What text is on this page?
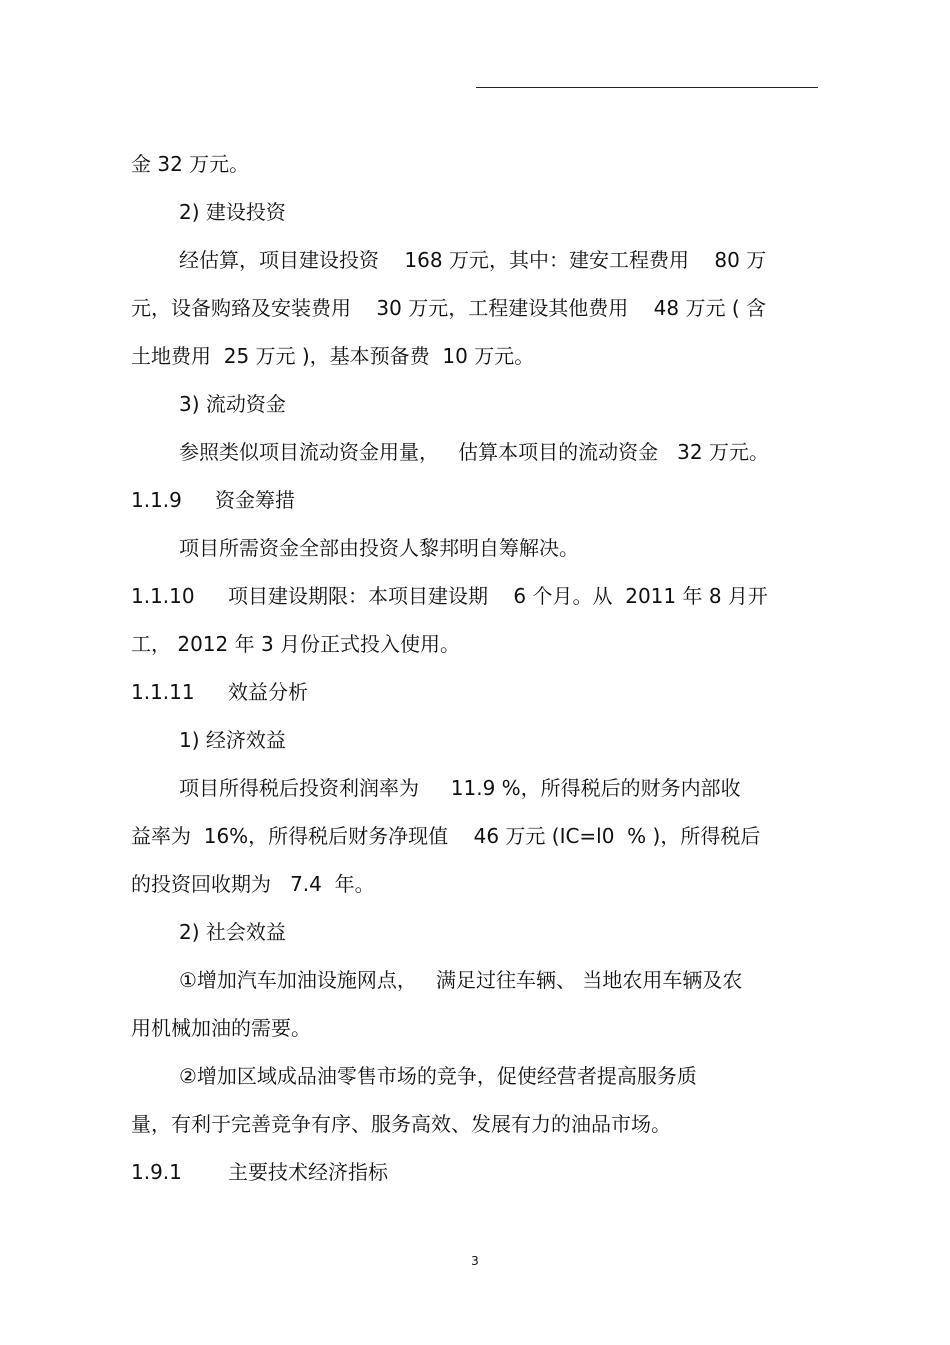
金 32 万元。
2) 建设投资
经估算，项目建设投资    168 万元，其中：建安工程费用    80 万
元，设备购臵及安装费用    30 万元，工程建设其他费用    48 万元 ( 含
土地费用  25 万元 )，基本预备费  10 万元。
3) 流动资金
参照类似项目流动资金用量，   估算本项目的流动资金   32 万元。
1.1.9 资金筹措
项目所需资金全部由投资人黎邦明自筹解决。
1.1.10 项目建设期限：本项目建设期    6 个月。从  2011 年 8 月开
工， 2012 年 3 月份正式投入使用。
1.1.11 效益分析
1) 经济效益
项目所得税后投资利润率为     11.9 %，所得税后的财务内部收
益率为  16%，所得税后财务净现值    46 万元 (IC=l0  % )，所得税后
的投资回收期为   7.4  年。
2) 社会效益
①增加汽车加油设施网点，   满足过往车辆、 当地农用车辆及农
用机械加油的需要。
②增加区域成品油零售市场的竞争，促使经营者提高服务质
量，有利于完善竞争有序、服务高效、发展有力的油品市场。
1.9.1 主要技术经济指标
3
